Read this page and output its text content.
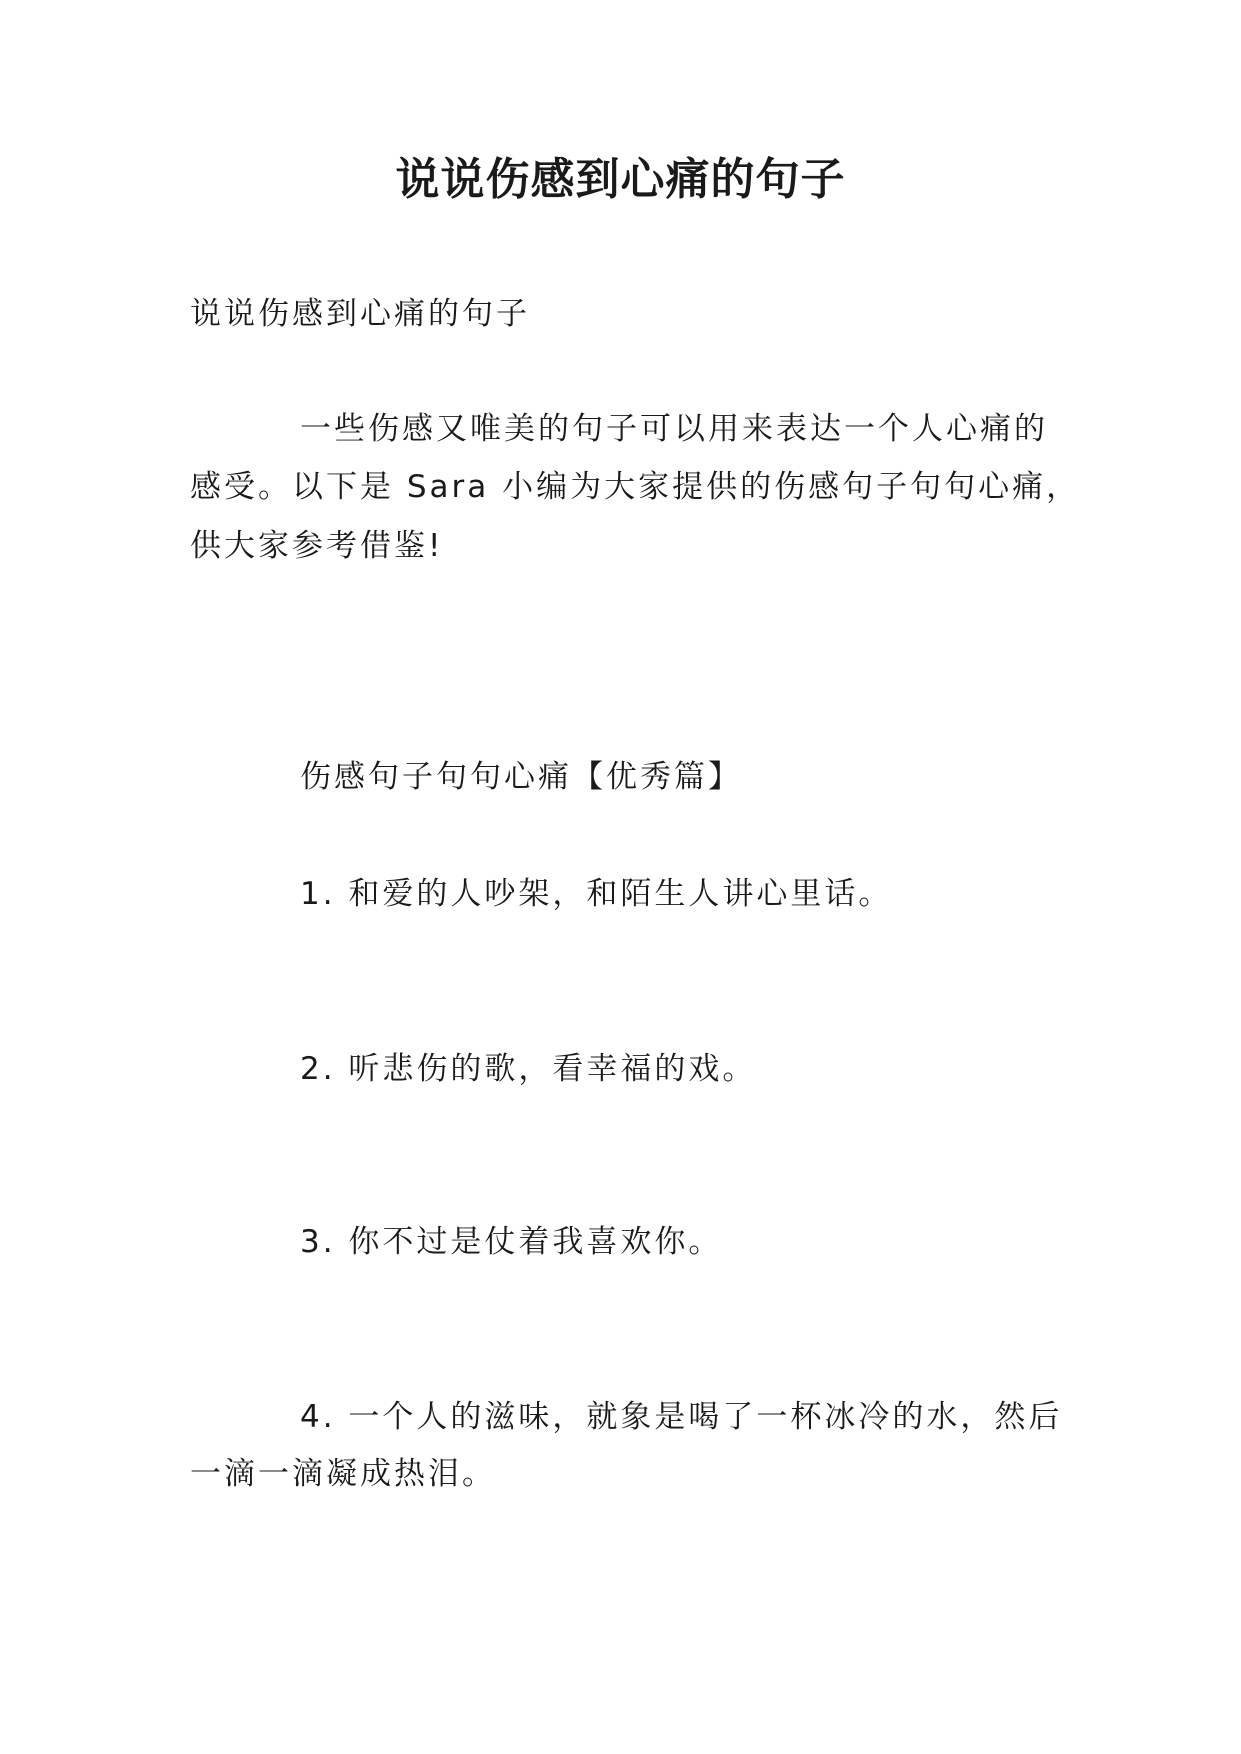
说说伤感到心痛的句子

说说伤感到心痛的句子

一些伤感又唯美的句子可以用来表达一个人心痛的

感受。以下是 Sara 小编为大家提供的伤感句子句句心痛，

供大家参考借鉴!

伤感句子句句心痛【优秀篇】

1. 和爱的人吵架，和陌生人讲心里话。

2. 听悲伤的歌，看幸福的戏。

3. 你不过是仗着我喜欢你。

4. 一个人的滋味，就象是喝了一杯冰冷的水，然后

一滴一滴凝成热泪。
